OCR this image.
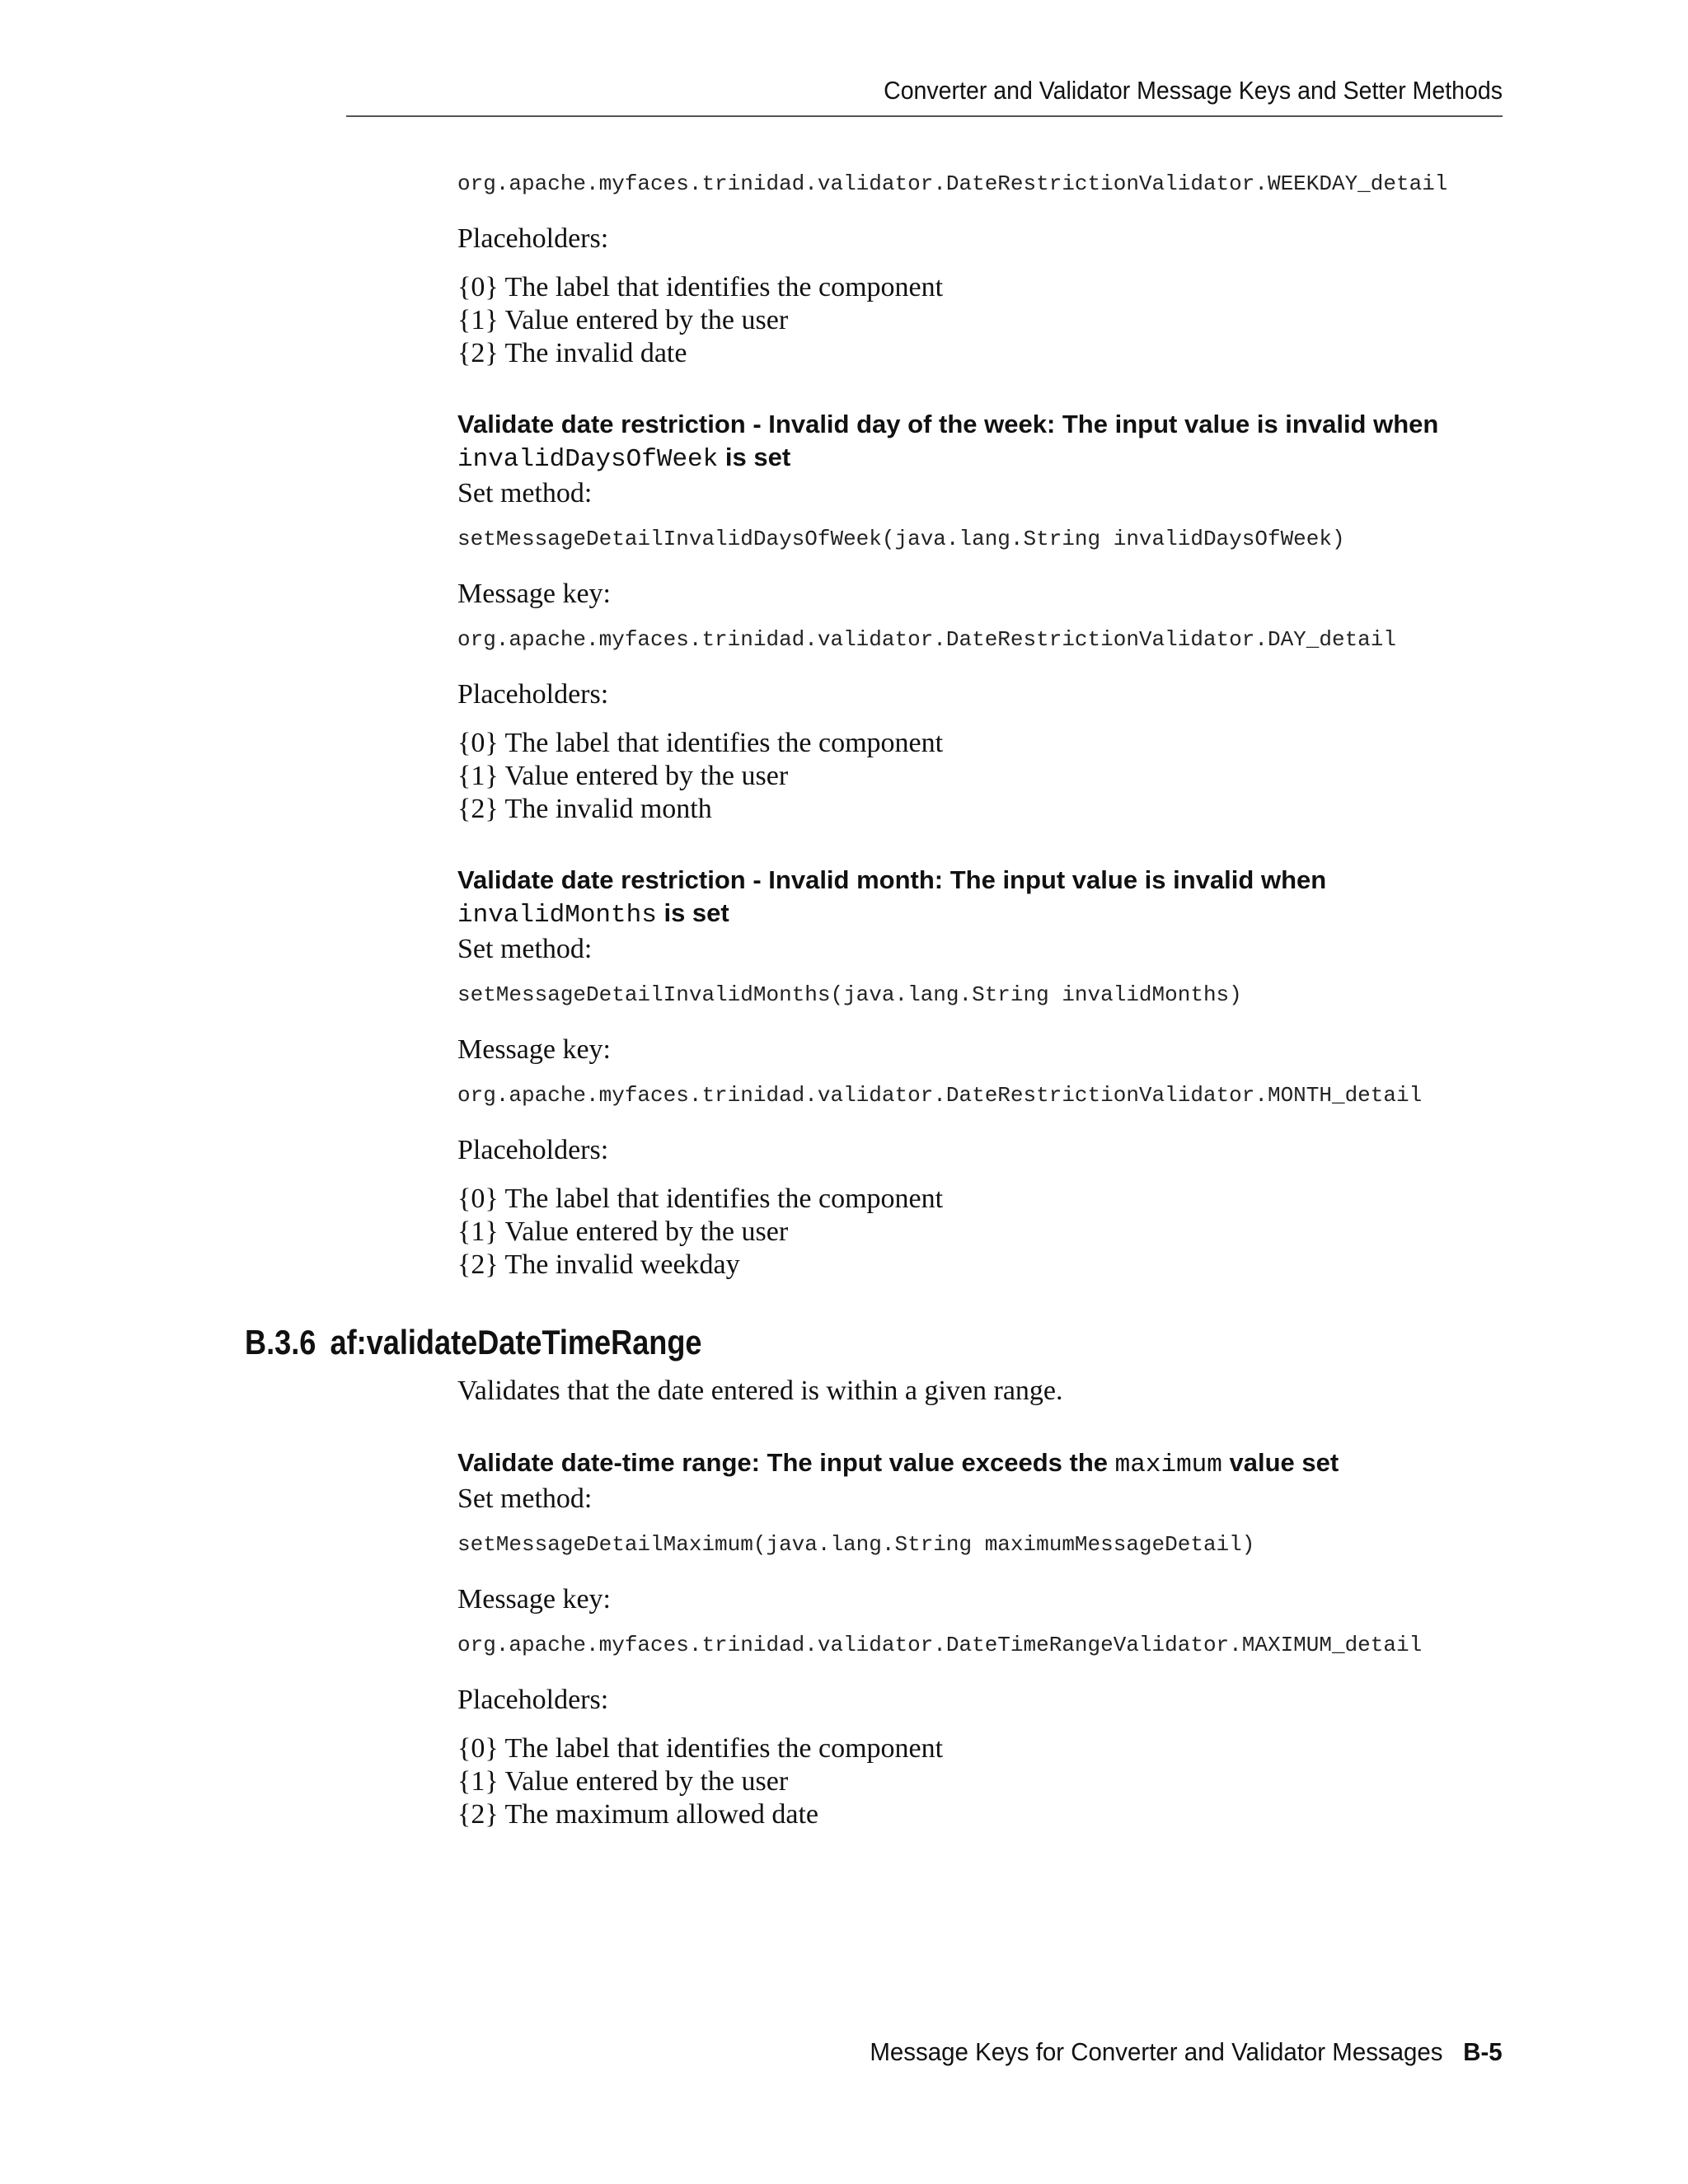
Converter and Validator Message Keys and Setter Methods
org.apache.myfaces.trinidad.validator.DateRestrictionValidator.WEEKDAY_detail
Placeholders:
{0} The label that identifies the component
{1} Value entered by the user
{2} The invalid date
Validate date restriction - Invalid day of the week: The input value is invalid when
invalidDaysOfWeek is set
Set method:
setMessageDetailInvalidDaysOfWeek(java.lang.String invalidDaysOfWeek)
Message key:
org.apache.myfaces.trinidad.validator.DateRestrictionValidator.DAY_detail
Placeholders:
{0} The label that identifies the component
{1} Value entered by the user
{2} The invalid month
Validate date restriction - Invalid month: The input value is invalid when
invalidMonths is set
Set method:
setMessageDetailInvalidMonths(java.lang.String invalidMonths)
Message key:
org.apache.myfaces.trinidad.validator.DateRestrictionValidator.MONTH_detail
Placeholders:
{0} The label that identifies the component
{1} Value entered by the user
{2} The invalid weekday
B.3.6 af:validateDateTimeRange
Validates that the date entered is within a given range.
Validate date-time range: The input value exceeds the maximum value set
Set method:
setMessageDetailMaximum(java.lang.String maximumMessageDetail)
Message key:
org.apache.myfaces.trinidad.validator.DateTimeRangeValidator.MAXIMUM_detail
Placeholders:
{0} The label that identifies the component
{1} Value entered by the user
{2} The maximum allowed date
Message Keys for Converter and Validator Messages B-5
